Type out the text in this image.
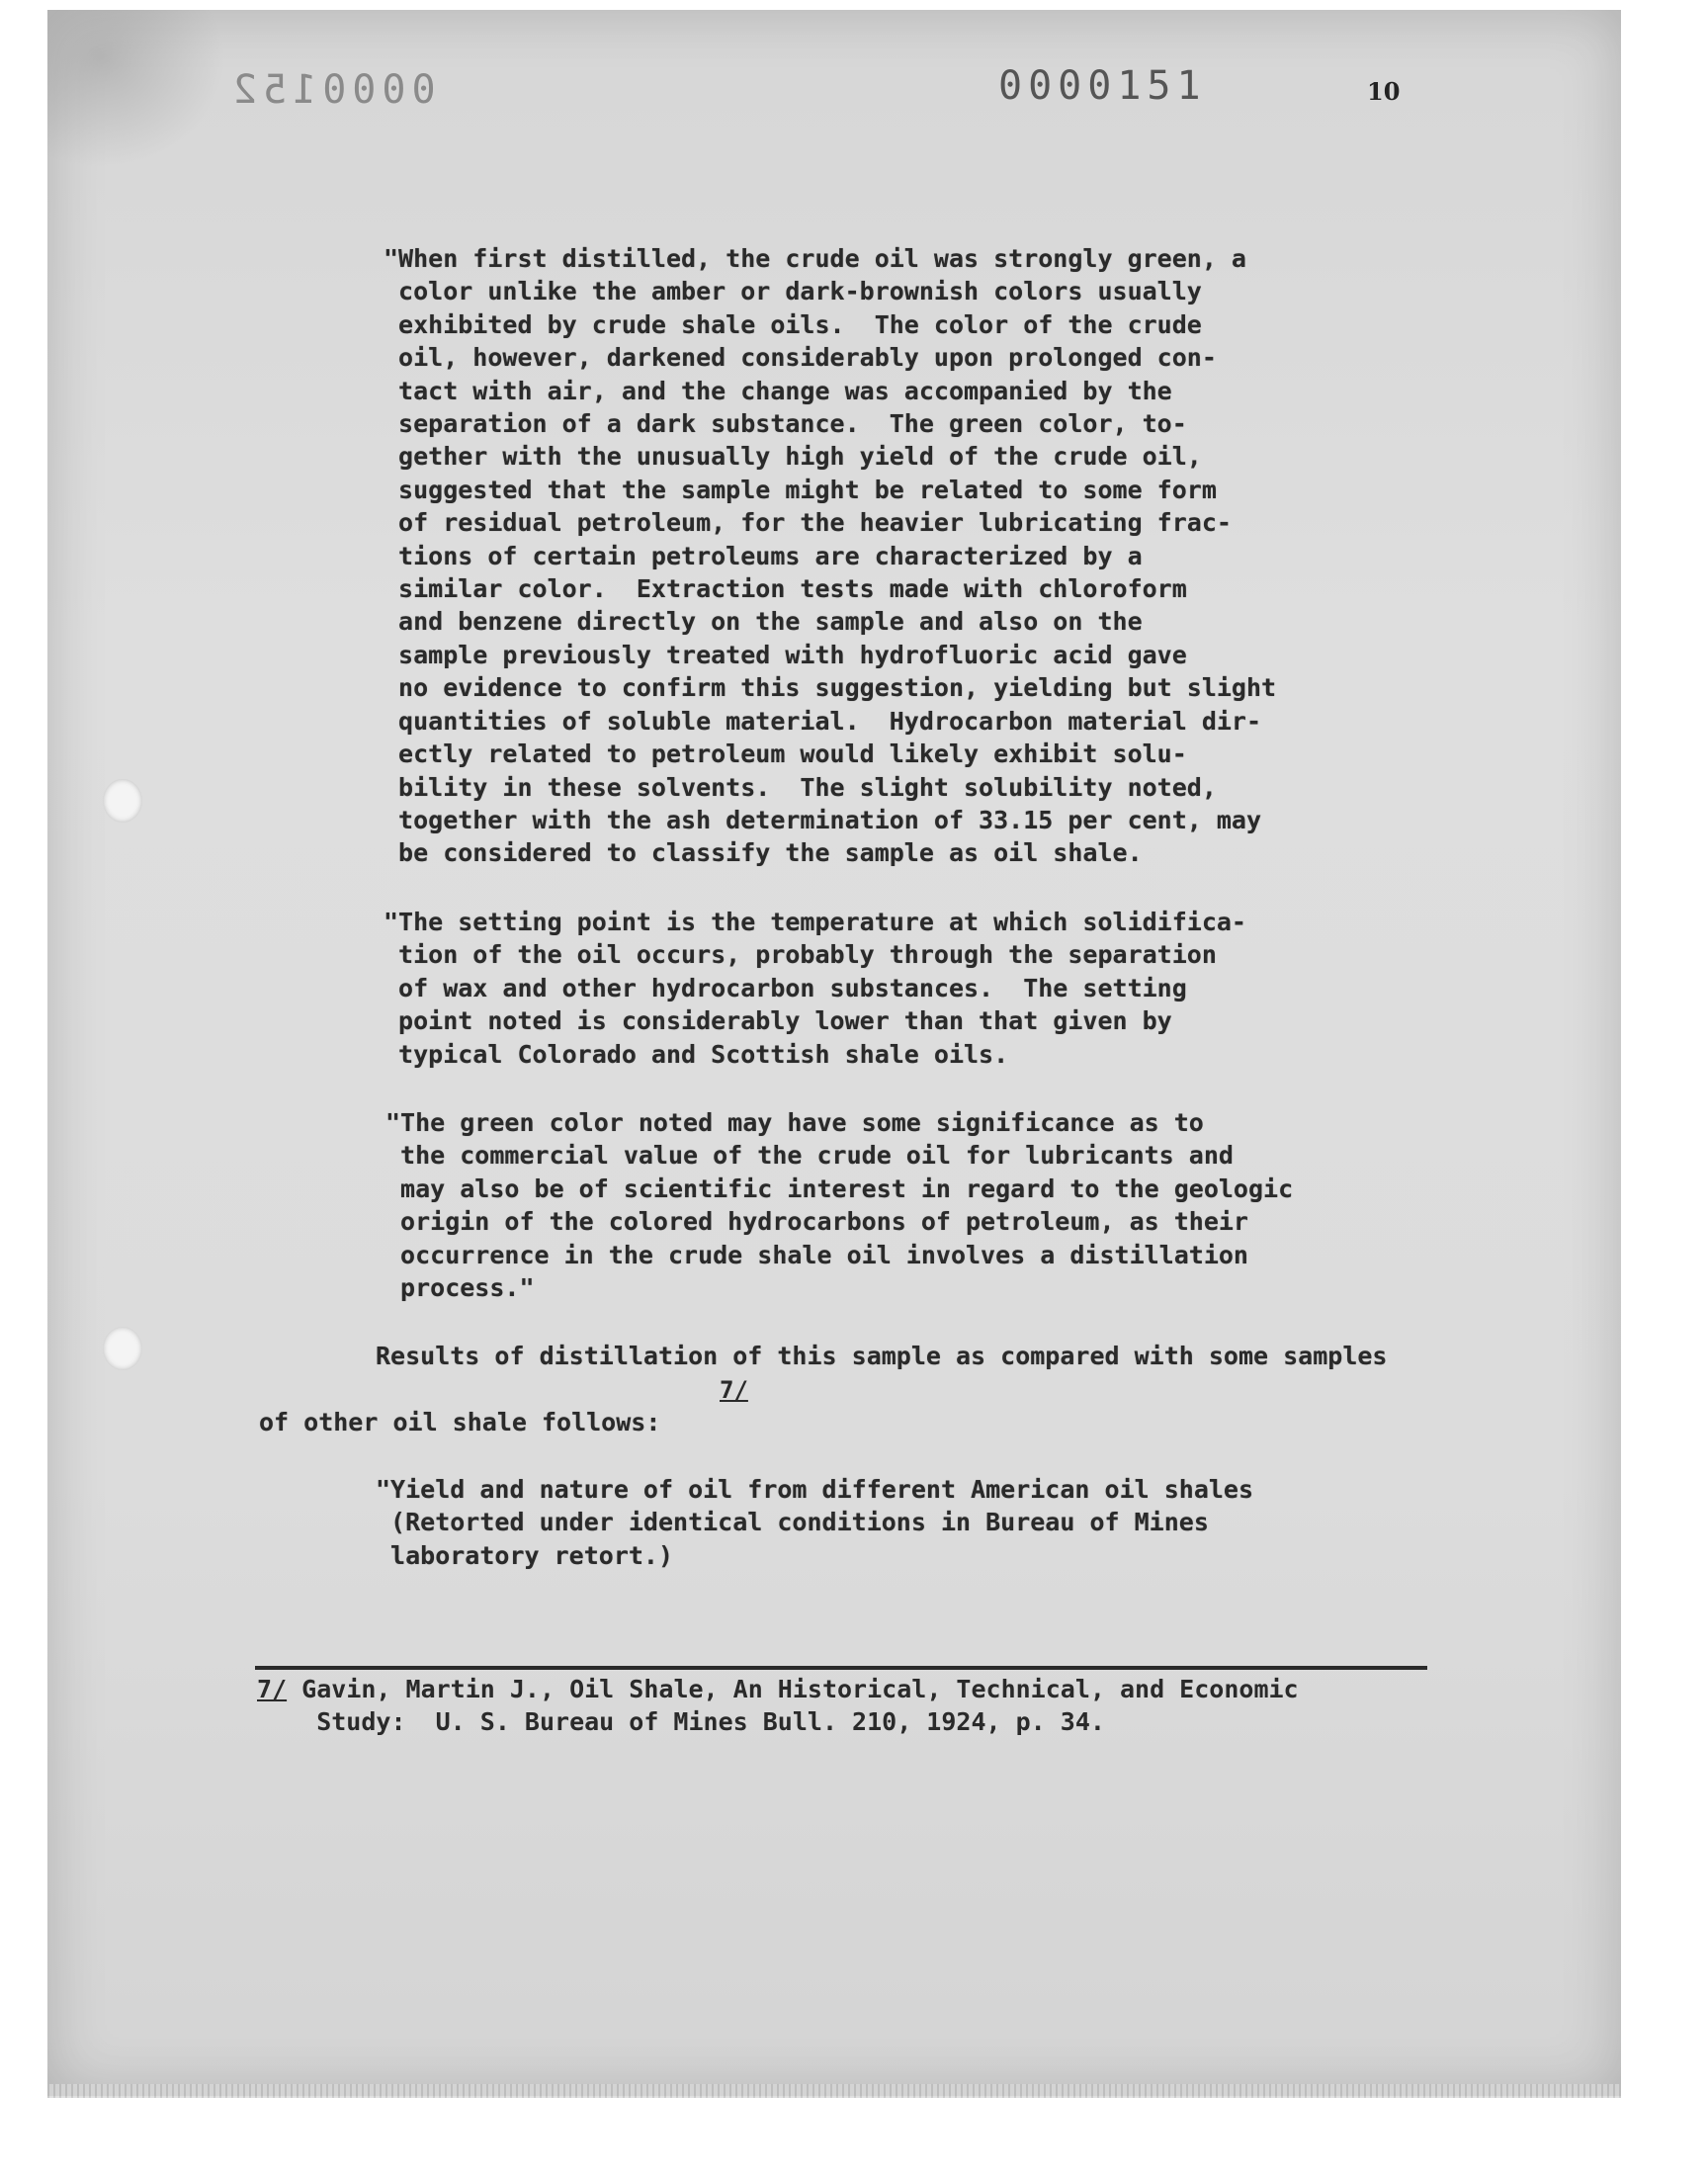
0000152	0000151	10
"When first distilled, the crude oil was strongly green, a
color unlike the amber or dark-brownish colors usually
exhibited by crude shale oils.  The color of the crude
oil, however, darkened considerably upon prolonged con-
tact with air, and the change was accompanied by the
separation of a dark substance.  The green color, to-
gether with the unusually high yield of the crude oil,
suggested that the sample might be related to some form
of residual petroleum, for the heavier lubricating frac-
tions of certain petroleums are characterized by a
similar color.  Extraction tests made with chloroform
and benzene directly on the sample and also on the
sample previously treated with hydrofluoric acid gave
no evidence to confirm this suggestion, yielding but slight
quantities of soluble material.  Hydrocarbon material dir-
ectly related to petroleum would likely exhibit solu-
bility in these solvents.  The slight solubility noted,
together with the ash determination of 33.15 per cent, may
be considered to classify the sample as oil shale.
"The setting point is the temperature at which solidifica-
tion of the oil occurs, probably through the separation
of wax and other hydrocarbon substances.  The setting
point noted is considerably lower than that given by
typical Colorado and Scottish shale oils.
"The green color noted may have some significance as to
the commercial value of the crude oil for lubricants and
may also be of scientific interest in regard to the geologic
origin of the colored hydrocarbons of petroleum, as their
occurrence in the crude shale oil involves a distillation
process."
Results of distillation of this sample as compared with some samples
7/
of other oil shale follows:
"Yield and nature of oil from different American oil shales
(Retorted under identical conditions in Bureau of Mines
laboratory retort.)
7/ Gavin, Martin J., Oil Shale, An Historical, Technical, and Economic
Study:  U. S. Bureau of Mines Bull. 210, 1924, p. 34.
